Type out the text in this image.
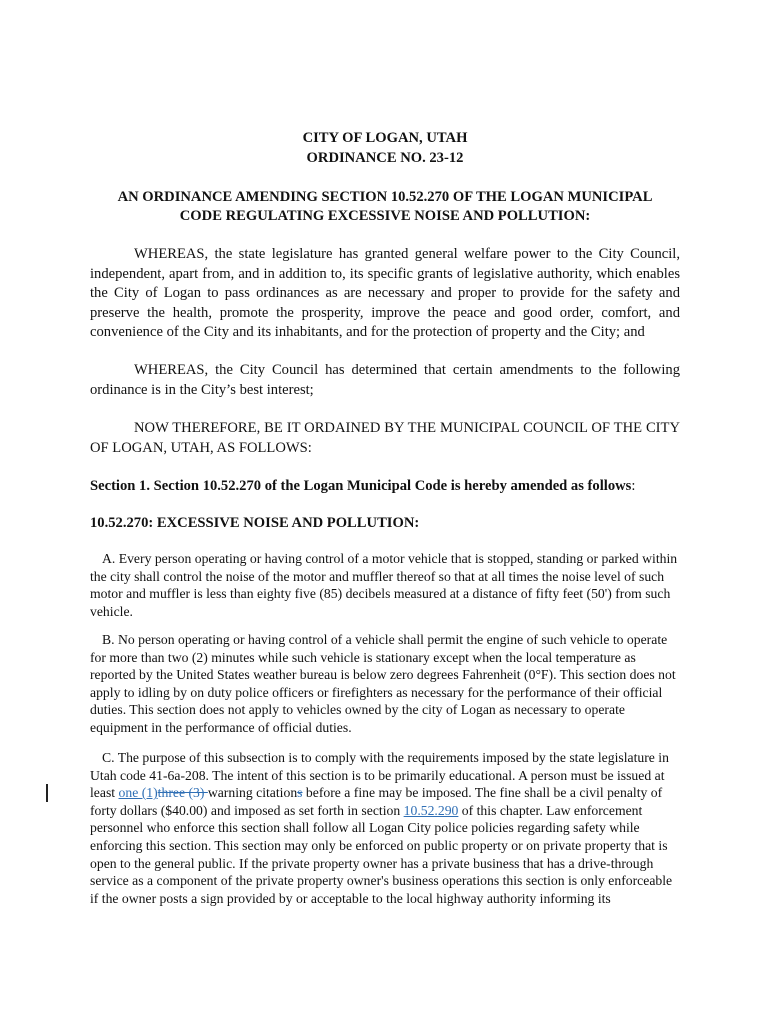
CITY OF LOGAN, UTAH
ORDINANCE NO. 23-12
AN ORDINANCE AMENDING SECTION 10.52.270 OF THE LOGAN MUNICIPAL
CODE REGULATING EXCESSIVE NOISE AND POLLUTION:
WHEREAS, the state legislature has granted general welfare power to the City Council, independent, apart from, and in addition to, its specific grants of legislative authority, which enables the City of Logan to pass ordinances as are necessary and proper to provide for the safety and preserve the health, promote the prosperity, improve the peace and good order, comfort, and convenience of the City and its inhabitants, and for the protection of property and the City; and
WHEREAS, the City Council has determined that certain amendments to the following ordinance is in the City’s best interest;
NOW THEREFORE, BE IT ORDAINED BY THE MUNICIPAL COUNCIL OF THE CITY OF LOGAN, UTAH, AS FOLLOWS:
Section 1. Section 10.52.270 of the Logan Municipal Code is hereby amended as follows:
10.52.270: EXCESSIVE NOISE AND POLLUTION:
A. Every person operating or having control of a motor vehicle that is stopped, standing or parked within the city shall control the noise of the motor and muffler thereof so that at all times the noise level of such motor and muffler is less than eighty five (85) decibels measured at a distance of fifty feet (50') from such vehicle.
B. No person operating or having control of a vehicle shall permit the engine of such vehicle to operate for more than two (2) minutes while such vehicle is stationary except when the local temperature as reported by the United States weather bureau is below zero degrees Fahrenheit (0°F). This section does not apply to idling by on duty police officers or firefighters as necessary for the performance of their official duties. This section does not apply to vehicles owned by the city of Logan as necessary to operate equipment in the performance of official duties.
C. The purpose of this subsection is to comply with the requirements imposed by the state legislature in Utah code 41-6a-208. The intent of this section is to be primarily educational. A person must be issued at least one (1)three (3) warning citations before a fine may be imposed. The fine shall be a civil penalty of forty dollars ($40.00) and imposed as set forth in section 10.52.290 of this chapter. Law enforcement personnel who enforce this section shall follow all Logan City police policies regarding safety while enforcing this section. This section may only be enforced on public property or on private property that is open to the general public. If the private property owner has a private business that has a drive-through service as a component of the private property owner's business operations this section is only enforceable if the owner posts a sign provided by or acceptable to the local highway authority informing its
